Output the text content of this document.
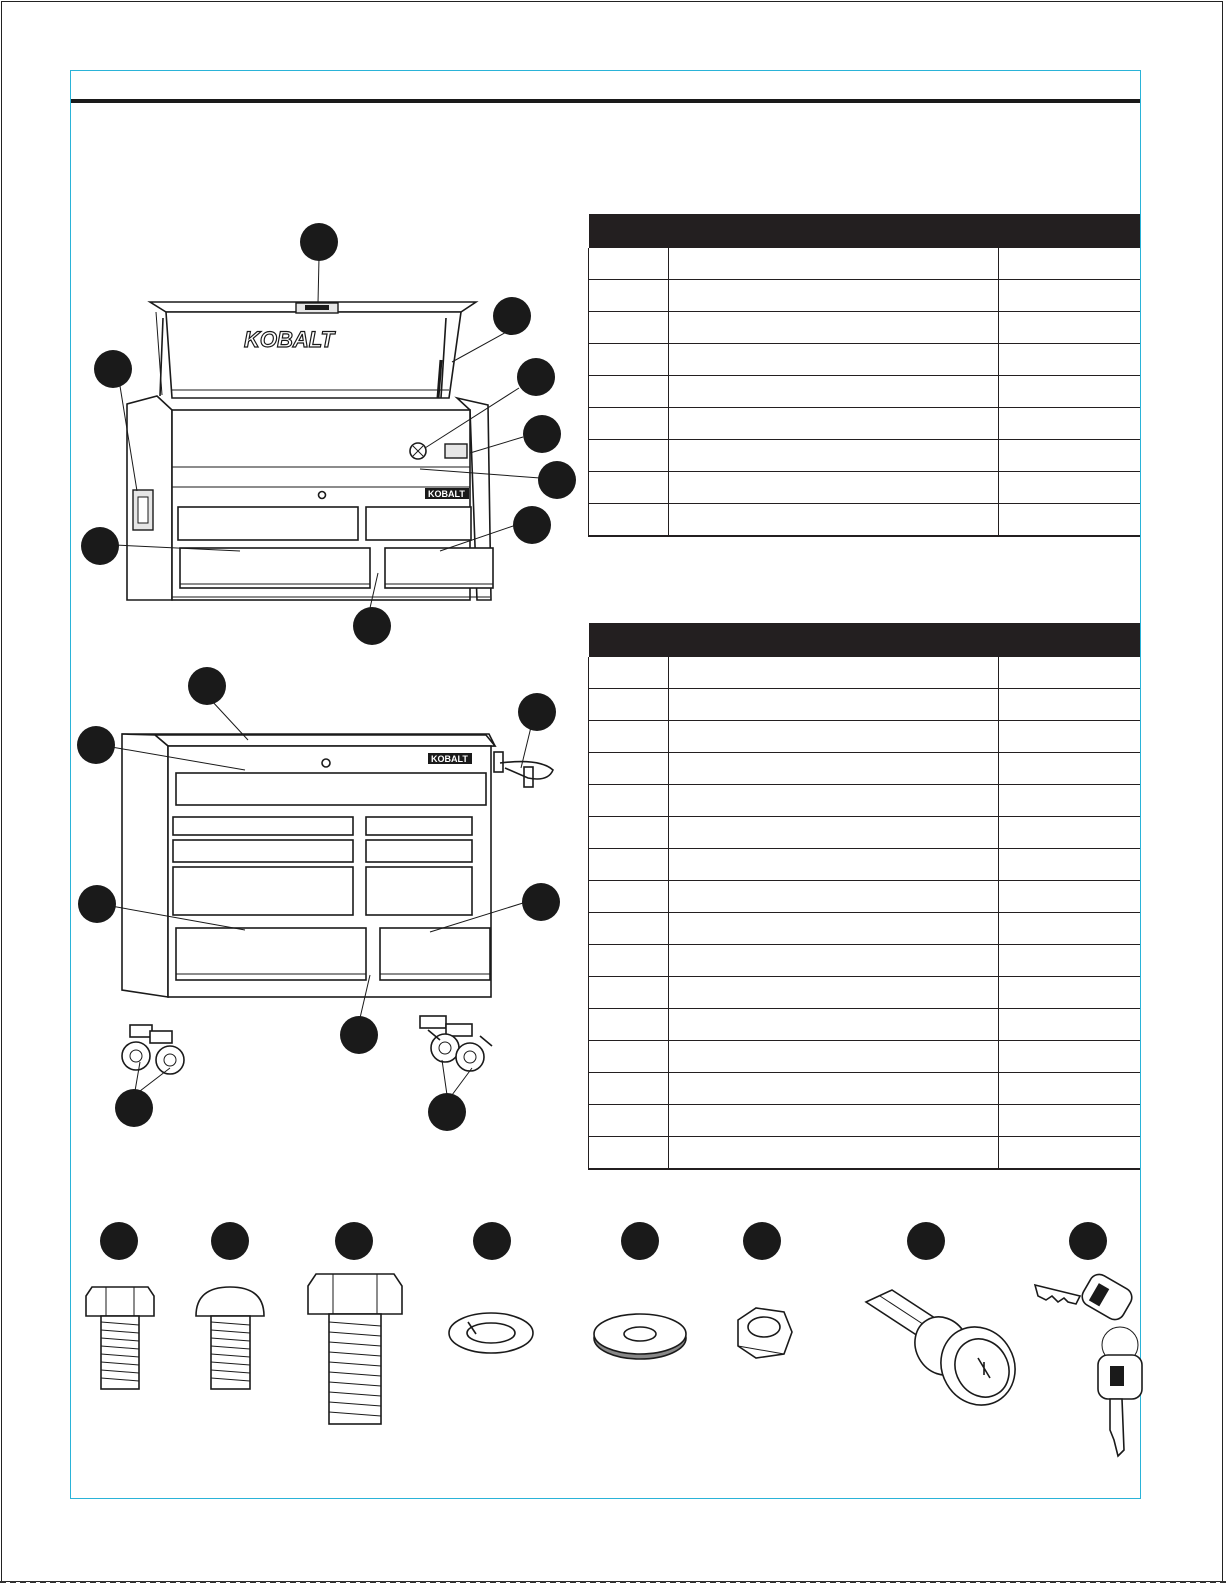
KOBALT
KOBALT
KOBALT
